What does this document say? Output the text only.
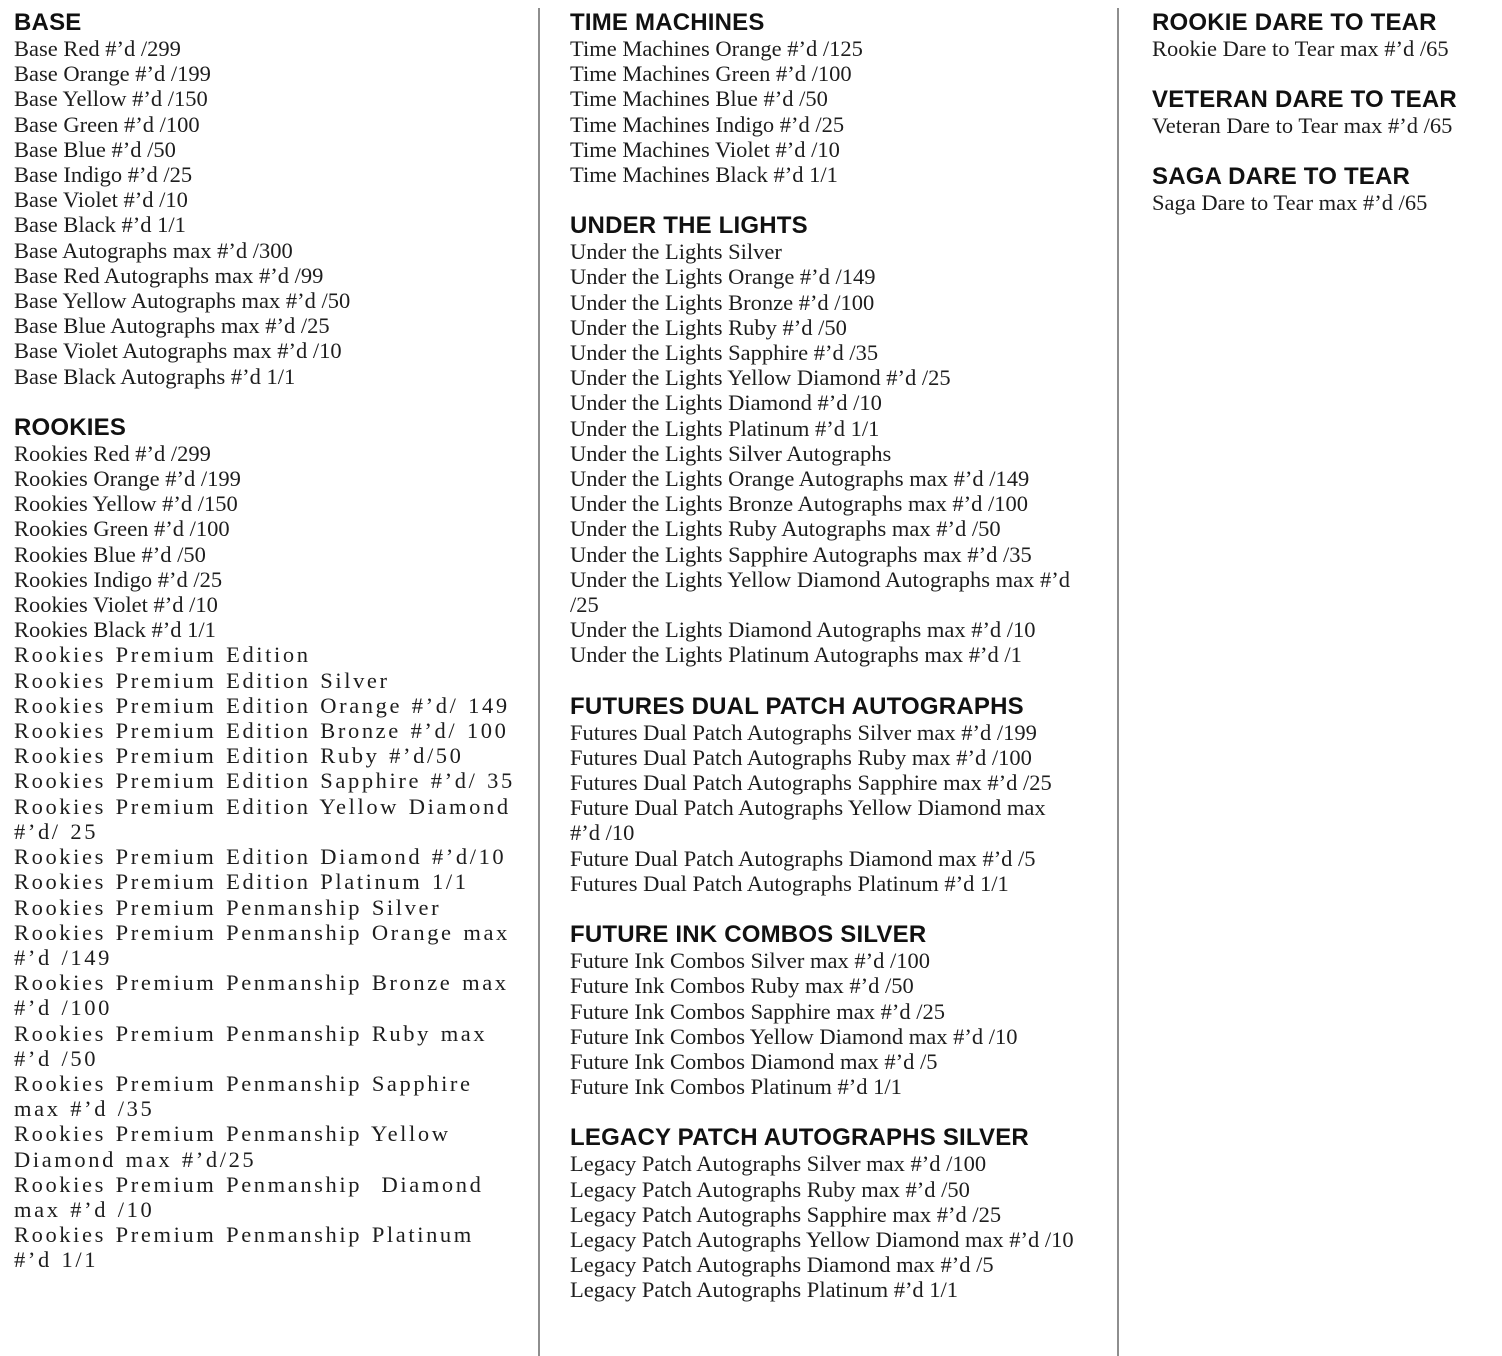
BASE

Base Red #’d /299

Base Orange #’d /199

Base Yellow #’d /150

Base Green #’d /100

Base Blue #’d /50

Base Indigo #’d /25

Base Violet #’d /10

Base Black #’d 1/1

Base Autographs max #’d /300

Base Red Autographs max #’d /99

Base Yellow Autographs max #’d /50

Base Blue Autographs max #’d /25

Base Violet Autographs max #’d /10

Base Black Autographs #’d 1/1

ROOKIES

Rookies Red #’d /299

Rookies Orange #’d /199

Rookies Yellow #’d /150

Rookies Green #’d /100

Rookies Blue #’d /50

Rookies Indigo #’d /25

Rookies Violet #’d /10

Rookies Black #’d 1/1

Rookies Premium Edition

Rookies Premium Edition Silver

Rookies Premium Edition Orange #’d/ 149

Rookies Premium Edition Bronze #’d/ 100

Rookies Premium Edition Ruby #’d/50

Rookies Premium Edition Sapphire #’d/ 35

Rookies Premium Edition Yellow Diamond #’d/ 25

Rookies Premium Edition Diamond #’d/10

Rookies Premium Edition Platinum 1/1

Rookies Premium Penmanship Silver

Rookies Premium Penmanship Orange max #’d /149

Rookies Premium Penmanship Bronze max #’d /100

Rookies Premium Penmanship Ruby max #’d /50

Rookies Premium Penmanship Sapphire max #’d /35

Rookies Premium Penmanship Yellow Diamond max #’d/25

Rookies Premium Penmanship  Diamond max #’d /10

Rookies Premium Penmanship Platinum #’d 1/1

TIME MACHINES

Time Machines Orange #’d /125

Time Machines Green #’d /100

Time Machines Blue #’d /50

Time Machines Indigo #’d /25

Time Machines Violet #’d /10

Time Machines Black #’d 1/1

UNDER THE LIGHTS

Under the Lights Silver

Under the Lights Orange #’d /149

Under the Lights Bronze #’d /100

Under the Lights Ruby #’d /50

Under the Lights Sapphire #’d /35

Under the Lights Yellow Diamond #’d /25

Under the Lights Diamond #’d /10

Under the Lights Platinum #’d 1/1

Under the Lights Silver Autographs

Under the Lights Orange Autographs max #’d /149

Under the Lights Bronze Autographs max #’d /100

Under the Lights Ruby Autographs max #’d /50

Under the Lights Sapphire Autographs max #’d /35

Under the Lights Yellow Diamond Autographs max #’d /25

Under the Lights Diamond Autographs max #’d /10

Under the Lights Platinum Autographs max #’d /1

FUTURES DUAL PATCH AUTOGRAPHS

Futures Dual Patch Autographs Silver max #’d /199

Futures Dual Patch Autographs Ruby max #’d /100

Futures Dual Patch Autographs Sapphire max #’d /25

Future Dual Patch Autographs Yellow Diamond max #’d /10

Future Dual Patch Autographs Diamond max #’d /5

Futures Dual Patch Autographs Platinum #’d 1/1

FUTURE INK COMBOS SILVER

Future Ink Combos Silver max #’d /100

Future Ink Combos Ruby max #’d /50

Future Ink Combos Sapphire max #’d /25

Future Ink Combos Yellow Diamond max #’d /10

Future Ink Combos Diamond max #’d /5

Future Ink Combos Platinum #’d 1/1

LEGACY PATCH AUTOGRAPHS SILVER

Legacy Patch Autographs Silver max #’d /100

Legacy Patch Autographs Ruby max #’d /50

Legacy Patch Autographs Sapphire max #’d /25

Legacy Patch Autographs Yellow Diamond max #’d /10

Legacy Patch Autographs Diamond max #’d /5

Legacy Patch Autographs Platinum #’d 1/1

ROOKIE DARE TO TEAR

Rookie Dare to Tear max #’d /65

VETERAN DARE TO TEAR

Veteran Dare to Tear max #’d /65

SAGA DARE TO TEAR

Saga Dare to Tear max #’d /65
